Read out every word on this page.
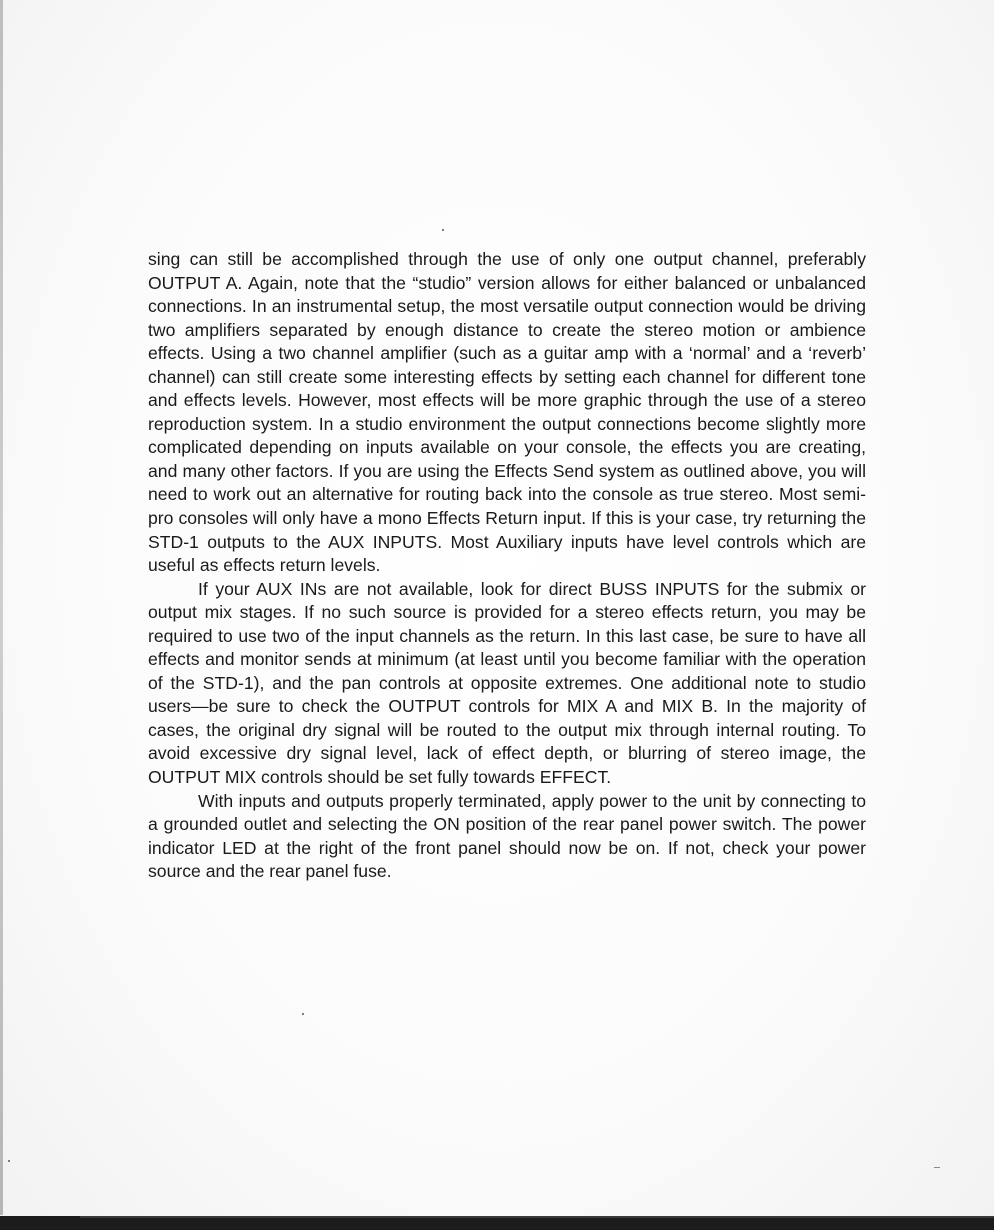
sing can still be accomplished through the use of only one output channel, preferably OUTPUT A. Again, note that the “studio” version allows for either balanced or unbalanced connections. In an instrumental setup, the most versatile output connection would be driving two amplifiers separated by enough distance to create the stereo motion or ambience effects. Using a two channel amplifier (such as a guitar amp with a ‘normal’ and a ‘reverb’ channel) can still create some interesting effects by setting each channel for different tone and effects levels. However, most effects will be more graphic through the use of a stereo reproduction system. In a studio environment the output connections become slightly more complicated depending on inputs available on your console, the effects you are creating, and many other factors. If you are using the Effects Send system as outlined above, you will need to work out an alternative for routing back into the console as true stereo. Most semi-pro consoles will only have a mono Effects Return input. If this is your case, try returning the STD-1 outputs to the AUX INPUTS. Most Auxiliary inputs have level controls which are useful as effects return levels.

If your AUX INs are not available, look for direct BUSS INPUTS for the submix or output mix stages. If no such source is provided for a stereo effects return, you may be required to use two of the input channels as the return. In this last case, be sure to have all effects and monitor sends at minimum (at least until you become familiar with the operation of the STD-1), and the pan controls at opposite extremes. One additional note to studio users—be sure to check the OUTPUT controls for MIX A and MIX B. In the majority of cases, the original dry signal will be routed to the output mix through internal routing. To avoid excessive dry signal level, lack of effect depth, or blurring of stereo image, the OUTPUT MIX controls should be set fully towards EFFECT.

With inputs and outputs properly terminated, apply power to the unit by connecting to a grounded outlet and selecting the ON position of the rear panel power switch. The power indicator LED at the right of the front panel should now be on. If not, check your power source and the rear panel fuse.
